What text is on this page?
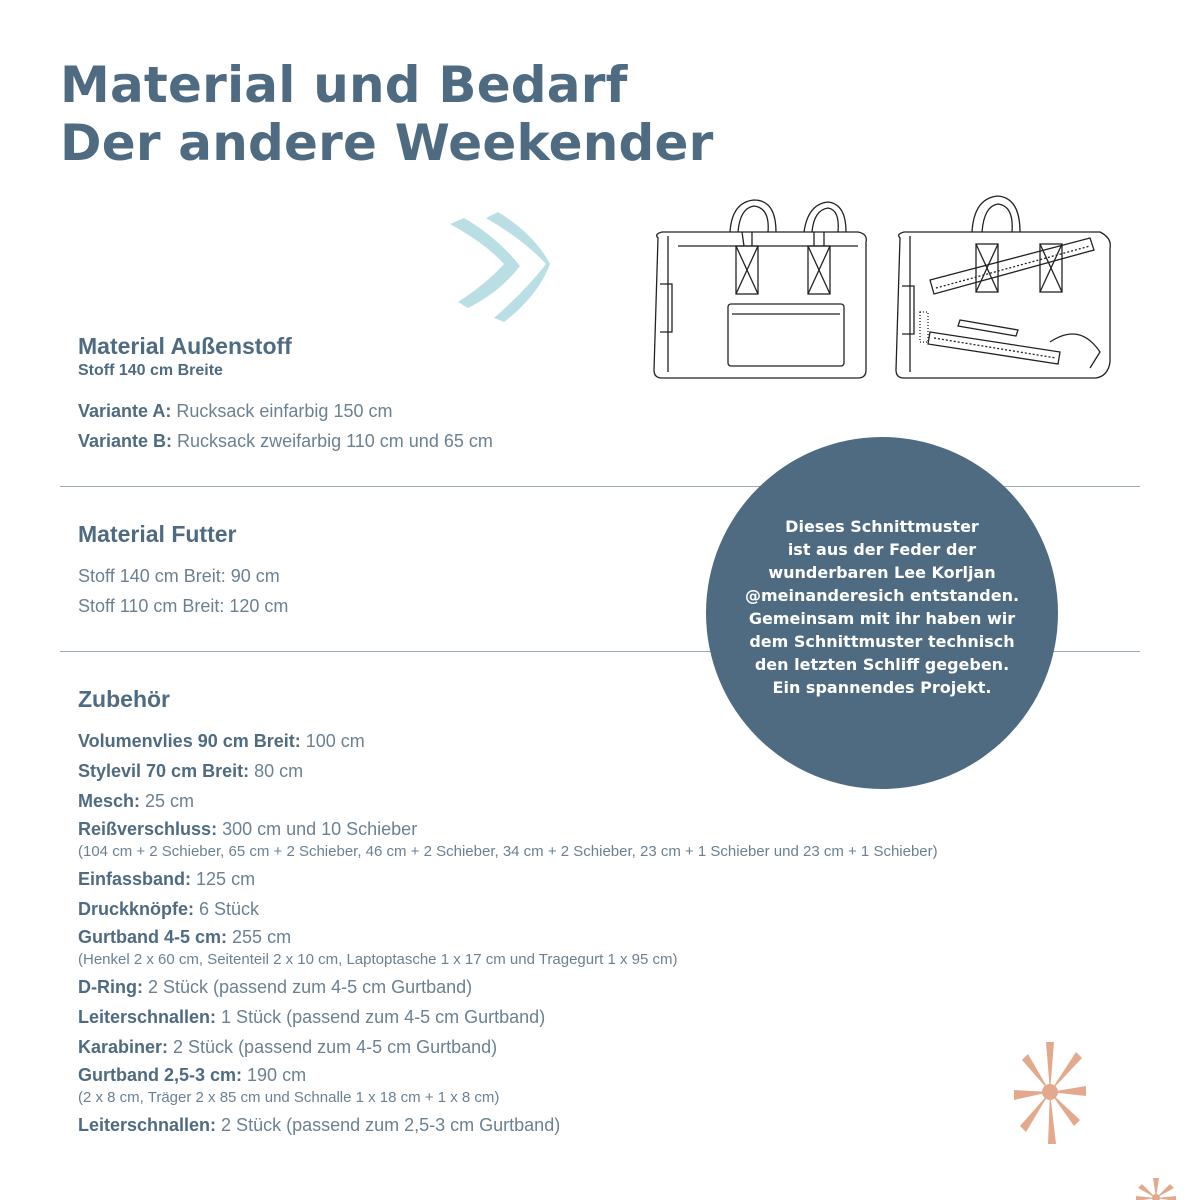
Material und Bedarf
Der andere Weekender
Material Außenstoff

Stoff 140 cm Breite

Variante A: Rucksack einfarbig 150 cm

Variante B: Rucksack zweifarbig 110 cm und 65 cm

Material Futter

Stoff 140 cm Breit: 90 cm

Stoff 110 cm Breit: 120 cm

Zubehör

Volumenvlies 90 cm Breit: 100 cm

Stylevil 70 cm Breit: 80 cm

Mesch: 25 cm

Reißverschluss: 300 cm und 10 Schieber

(104 cm + 2 Schieber, 65 cm + 2 Schieber, 46 cm + 2 Schieber, 34 cm + 2 Schieber, 23 cm + 1 Schieber und 23 cm + 1 Schieber)

Einfassband: 125 cm

Druckknöpfe: 6 Stück

Gurtband 4-5 cm: 255 cm

(Henkel 2 x 60 cm, Seitenteil 2 x 10 cm, Laptoptasche 1 x 17 cm und Tragegurt 1 x 95 cm)

D-Ring: 2 Stück (passend zum 4-5 cm Gurtband)

Leiterschnallen: 1 Stück (passend zum 4-5 cm Gurtband)

Karabiner: 2 Stück (passend zum 4-5 cm Gurtband)

Gurtband 2,5-3 cm: 190 cm

(2 x 8 cm, Träger 2 x 85 cm und Schnalle 1 x 18 cm + 1 x 8 cm)

Leiterschnallen: 2 Stück (passend zum 2,5-3 cm Gurtband)

Dieses Schnittmuster
ist aus der Feder der
wunderbaren Lee Korljan
@meinanderesich entstanden.
Gemeinsam mit ihr haben wir
dem Schnittmuster technisch
den letzten Schliff gegeben.
Ein spannendes Projekt.
